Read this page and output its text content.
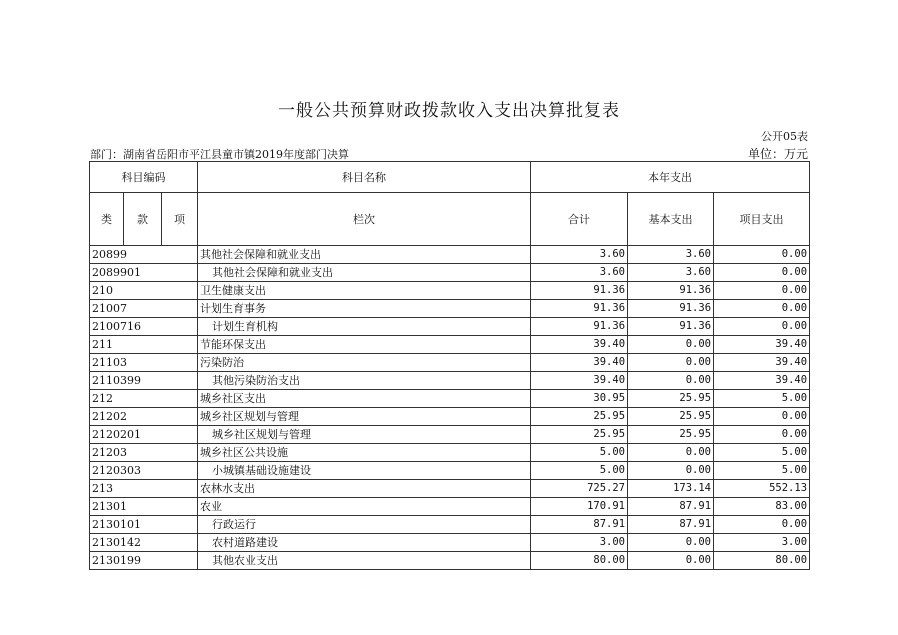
一般公共预算财政拨款收入支出决算批复表
公开05表
部门：湖南省岳阳市平江县童市镇2019年度部门决算	单位：万元
科目编码			科目名称	本年支出		
类	款	项	栏次	合计	基本支出	项目支出
20899			其他社会保障和就业支出	3.60	3.60	0.00
2089901			其他社会保障和就业支出	3.60	3.60	0.00
210			卫生健康支出	91.36	91.36	0.00
21007			计划生育事务	91.36	91.36	0.00
2100716			计划生育机构	91.36	91.36	0.00
211			节能环保支出	39.40	0.00	39.40
21103			污染防治	39.40	0.00	39.40
2110399			其他污染防治支出	39.40	0.00	39.40
212			城乡社区支出	30.95	25.95	5.00
21202			城乡社区规划与管理	25.95	25.95	0.00
2120201			城乡社区规划与管理	25.95	25.95	0.00
21203			城乡社区公共设施	5.00	0.00	5.00
2120303			小城镇基础设施建设	5.00	0.00	5.00
213			农林水支出	725.27	173.14	552.13
21301			农业	170.91	87.91	83.00
2130101			行政运行	87.91	87.91	0.00
2130142			农村道路建设	3.00	0.00	3.00
2130199			其他农业支出	80.00	0.00	80.00
